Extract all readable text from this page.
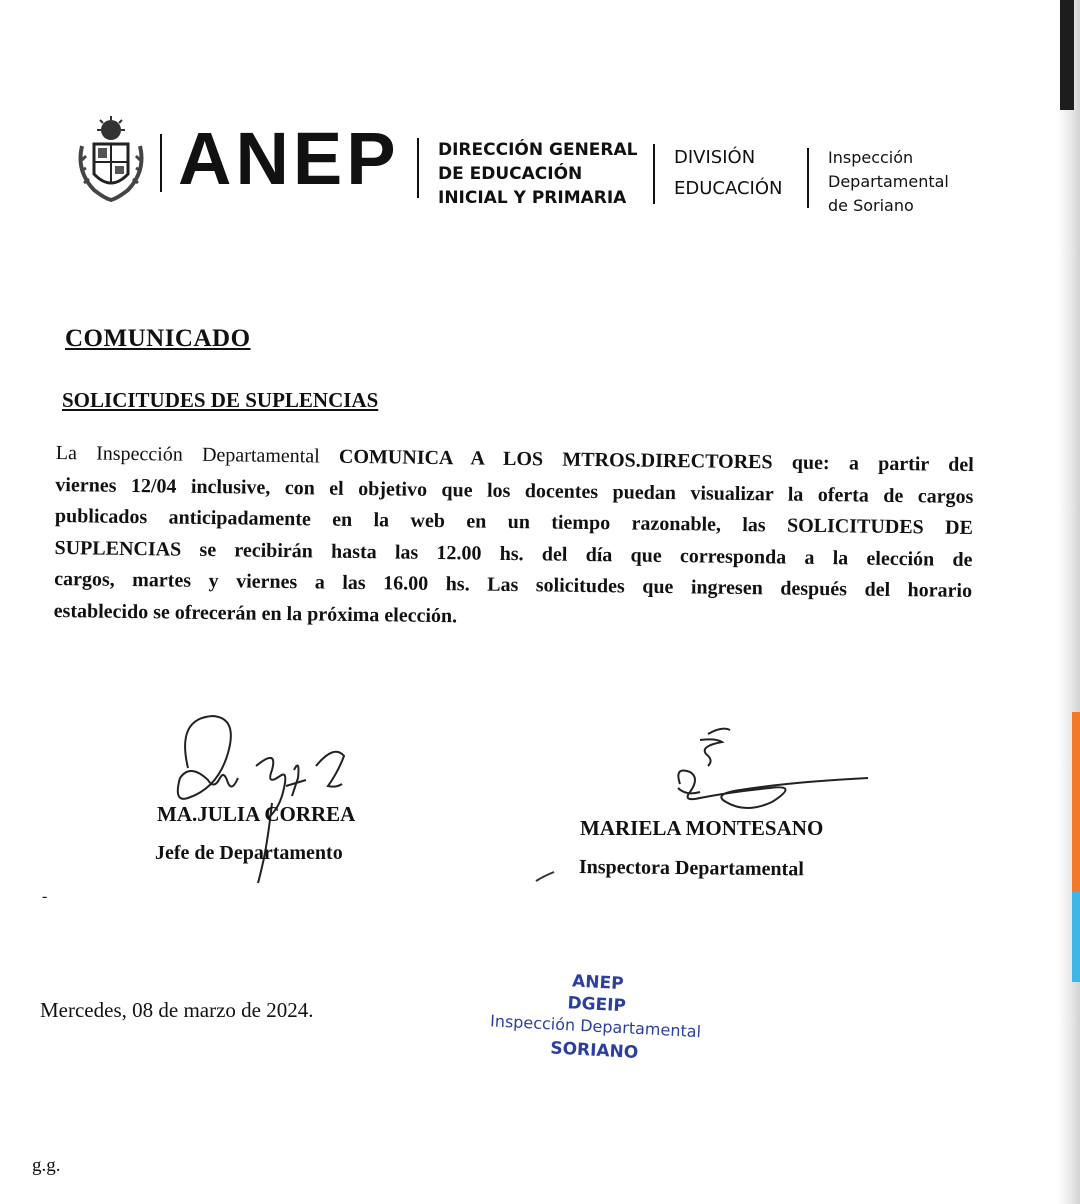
ANEP DIRECCIÓN GENERAL
DE EDUCACIÓN
INICIAL Y PRIMARIA
DIVISIÓN
EDUCACIÓN
Inspección
Departamental
de Soriano
COMUNICADO
SOLICITUDES DE SUPLENCIAS
La Inspección Departamental COMUNICA A LOS MTROS.DIRECTORES que: a partir del
viernes 12/04 inclusive, con el objetivo que los docentes puedan visualizar la oferta de cargos
publicados anticipadamente en la web en un tiempo razonable, las SOLICITUDES DE
SUPLENCIAS se recibirán hasta las 12.00 hs. del día que corresponda a la elección de
cargos, martes y viernes a las 16.00 hs. Las solicitudes que ingresen después del horario
establecido se ofrecerán en la próxima elección.
MA.JULIA CORREA
Jefe de Departamento
MARIELA MONTESANO
Inspectora Departamental
-
Mercedes, 08 de marzo de 2024.
ANEP
DGEIP
Inspección Departamental
SORIANO
g.g.
